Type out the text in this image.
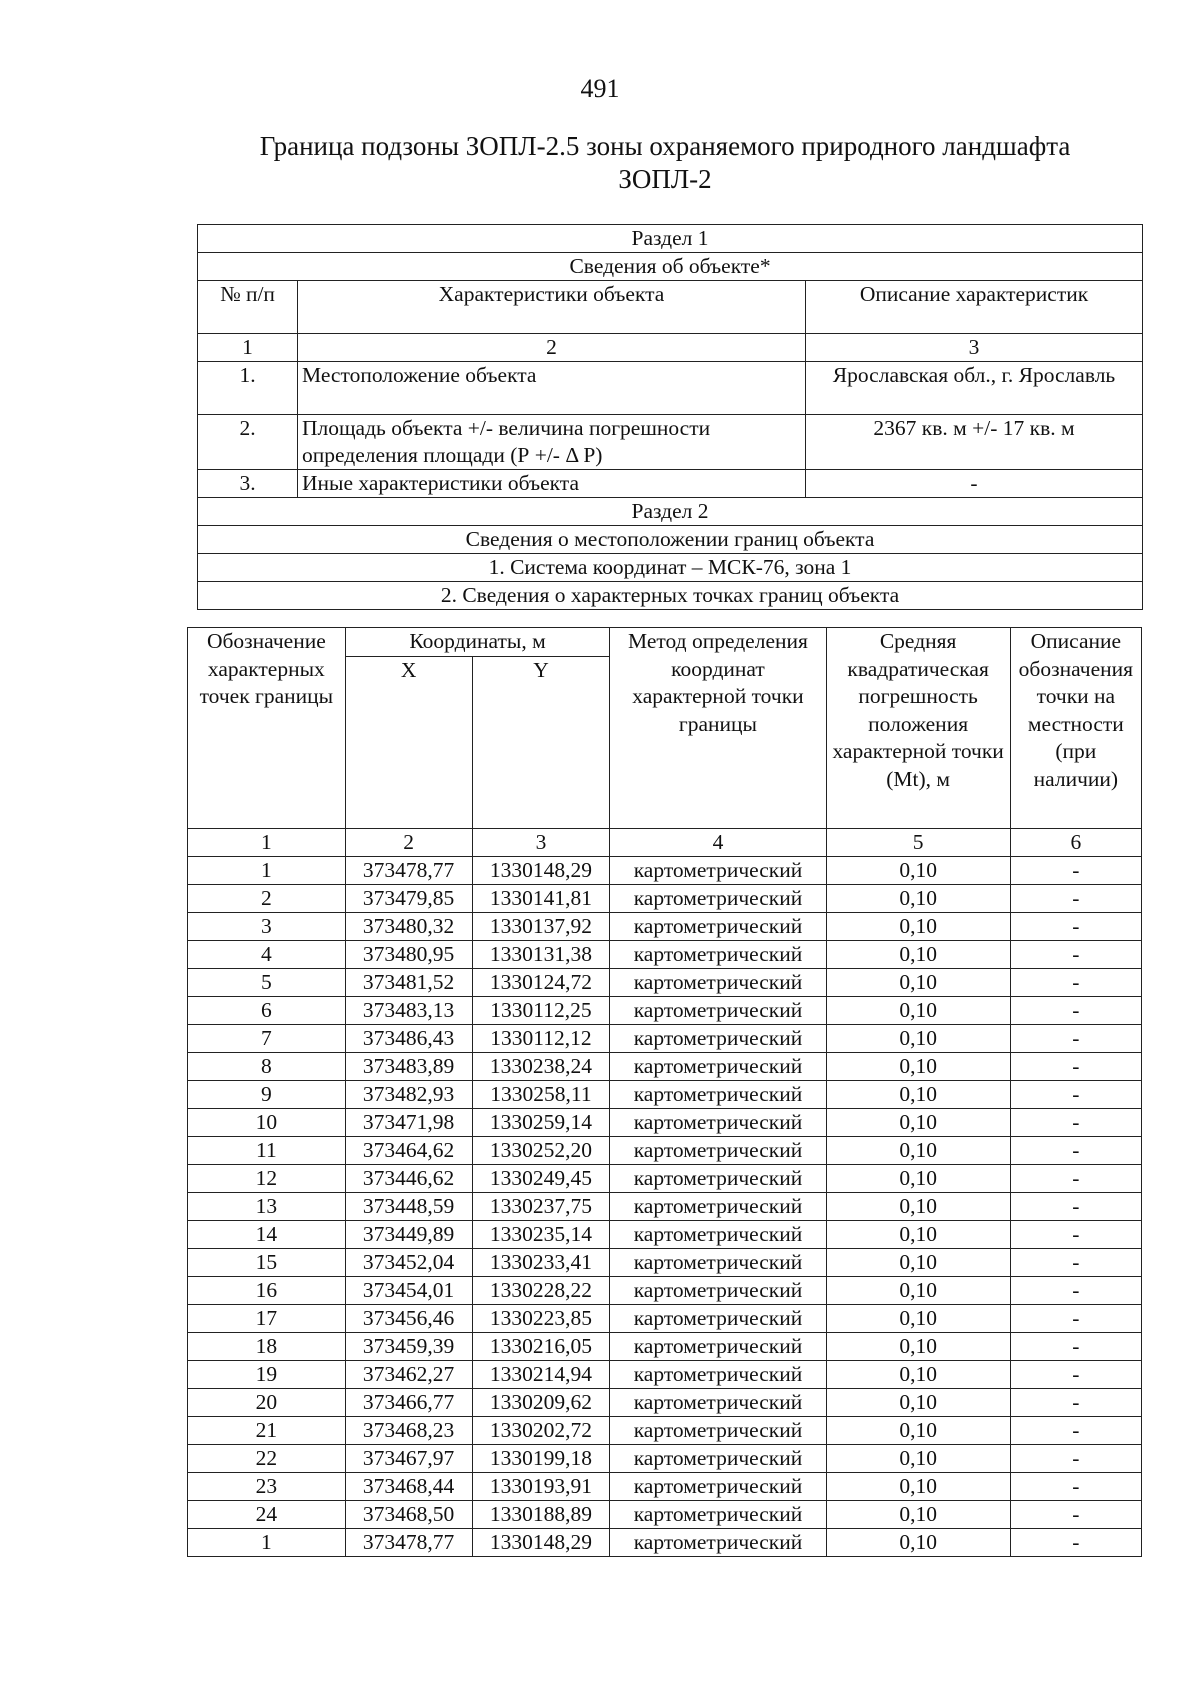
491
Граница подзоны ЗОПЛ-2.5 зоны охраняемого природного ландшафта
ЗОПЛ-2
Раздел 1		
Сведения об объекте*		
№ п/п	Характеристики объекта	Описание характеристик
1	2	3
1.	Местоположение объекта	Ярославская обл., г. Ярославль
2.	Площадь объекта +/- величина погрешности определения площади (Р +/- Δ Р)	2367 кв. м +/- 17 кв. м
3.	Иные характеристики объекта	-
Раздел 2		
Сведения о местоположении границ объекта		
1. Система координат – МСК-76, зона 1		
2. Сведения о характерных точках границ объекта		
Обозначение характерных точек границы	Координаты, м		Метод определения координат характерной точки границы	Средняя квадратическая погрешность положения характерной точки (Mt), м	Описание обозначения точки на местности (при наличии)
	X	Y			
1	2	3	4	5	6
1	373478,77	1330148,29	картометрический	0,10	-
2	373479,85	1330141,81	картометрический	0,10	-
3	373480,32	1330137,92	картометрический	0,10	-
4	373480,95	1330131,38	картометрический	0,10	-
5	373481,52	1330124,72	картометрический	0,10	-
6	373483,13	1330112,25	картометрический	0,10	-
7	373486,43	1330112,12	картометрический	0,10	-
8	373483,89	1330238,24	картометрический	0,10	-
9	373482,93	1330258,11	картометрический	0,10	-
10	373471,98	1330259,14	картометрический	0,10	-
11	373464,62	1330252,20	картометрический	0,10	-
12	373446,62	1330249,45	картометрический	0,10	-
13	373448,59	1330237,75	картометрический	0,10	-
14	373449,89	1330235,14	картометрический	0,10	-
15	373452,04	1330233,41	картометрический	0,10	-
16	373454,01	1330228,22	картометрический	0,10	-
17	373456,46	1330223,85	картометрический	0,10	-
18	373459,39	1330216,05	картометрический	0,10	-
19	373462,27	1330214,94	картометрический	0,10	-
20	373466,77	1330209,62	картометрический	0,10	-
21	373468,23	1330202,72	картометрический	0,10	-
22	373467,97	1330199,18	картометрический	0,10	-
23	373468,44	1330193,91	картометрический	0,10	-
24	373468,50	1330188,89	картометрический	0,10	-
1	373478,77	1330148,29	картометрический	0,10	-
